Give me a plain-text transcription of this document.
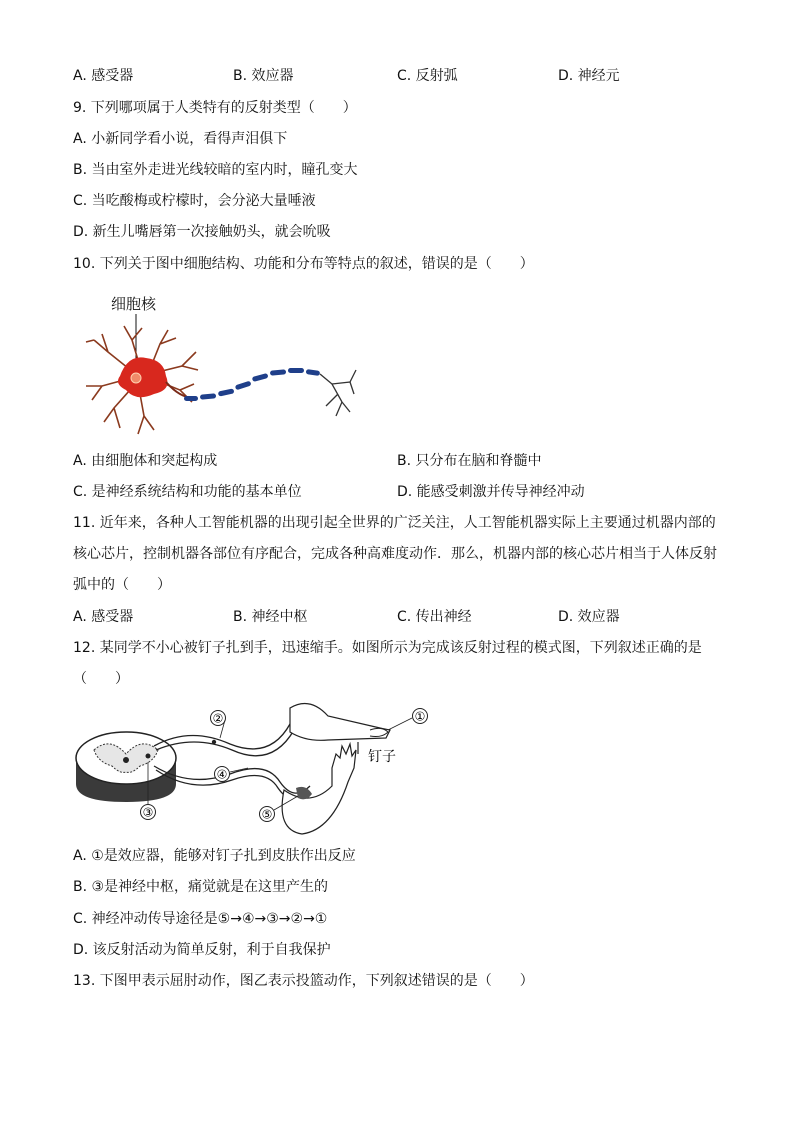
A. 感受器	B. 效应器	C. 反射弧	D. 神经元
9. 下列哪项属于人类特有的反射类型（　　）
A. 小新同学看小说，看得声泪俱下
B. 当由室外走进光线较暗的室内时，瞳孔变大
C. 当吃酸梅或柠檬时，会分泌大量唾液
D. 新生儿嘴唇第一次接触奶头，就会吮吸
10. 下列关于图中细胞结构、功能和分布等特点的叙述，错误的是（　　）
细胞核
A. 由细胞体和突起构成	B. 只分布在脑和脊髓中
C. 是神经系统结构和功能的基本单位	D. 能感受刺激并传导神经冲动
11. 近年来，各种人工智能机器的出现引起全世界的广泛关注，人工智能机器实际上主要通过机器内部的
核心芯片，控制机器各部位有序配合，完成各种高难度动作．那么，机器内部的核心芯片相当于人体反射
弧中的（　　）
A. 感受器	B. 神经中枢	C. 传出神经	D. 效应器
12. 某同学不小心被钉子扎到手，迅速缩手。如图所示为完成该反射过程的模式图，下列叙述正确的是
（　　）
②	①
钉子
④
③	⑤
A. ①是效应器，能够对钉子扎到皮肤作出反应
B. ③是神经中枢，痛觉就是在这里产生的
C. 神经冲动传导途径是⑤→④→③→②→①
D. 该反射活动为简单反射，利于自我保护
13. 下图甲表示屈肘动作，图乙表示投篮动作，下列叙述错误的是（　　）
